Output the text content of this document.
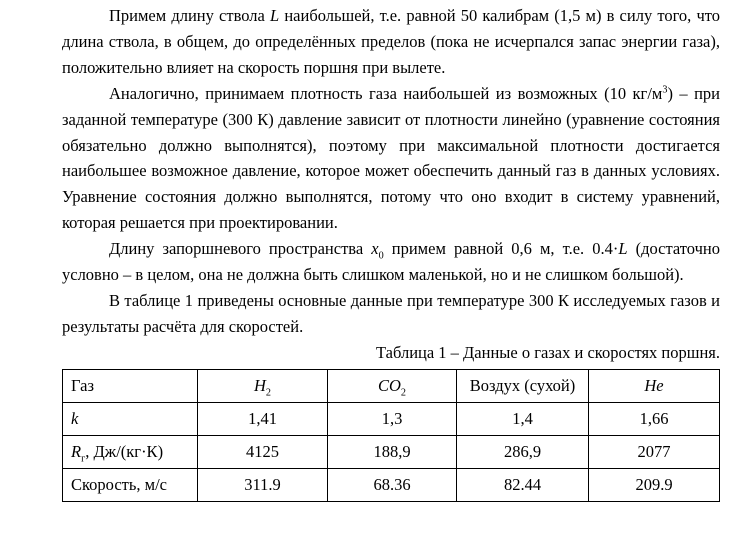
Примем длину ствола L наибольшей, т.е. равной 50 калибрам (1,5 м) в силу того, что длина ствола, в общем, до определённых пределов (пока не исчерпался запас энергии газа), положительно влияет на скорость поршня при вылете.

Аналогично, принимаем плотность газа наибольшей из возможных (10 $кг/м^3$) – при заданной температуре (300 К) давление зависит от плотности линейно (уравнение состояния обязательно должно выполнятся), поэтому при максимальной плотности достигается наибольшее возможное давление, которое может обеспечить данный газ в данных условиях. Уравнение состояния должно выполнятся, потому что оно входит в систему уравнений, которая решается при проектировании.

Длину запоршневого пространства $x_0$ примем равной 0,6 м, т.е. 0.4·L (достаточно условно – в целом, она не должна быть слишком маленькой, но и не слишком большой).

В таблице 1 приведены основные данные при температуре 300 К исследуемых газов и результаты расчёта для скоростей.

Таблица 1 – Данные о газах и скоростях поршня.

Газ	$H_2$	$CO_2$	Воздух (сухой)	He
k	1,41	1,3	1,4	1,66
$R_г$, Дж/(кг·К)	4125	188,9	286,9	2077
Скорость, м/с	311.9	68.36	82.44	209.9
